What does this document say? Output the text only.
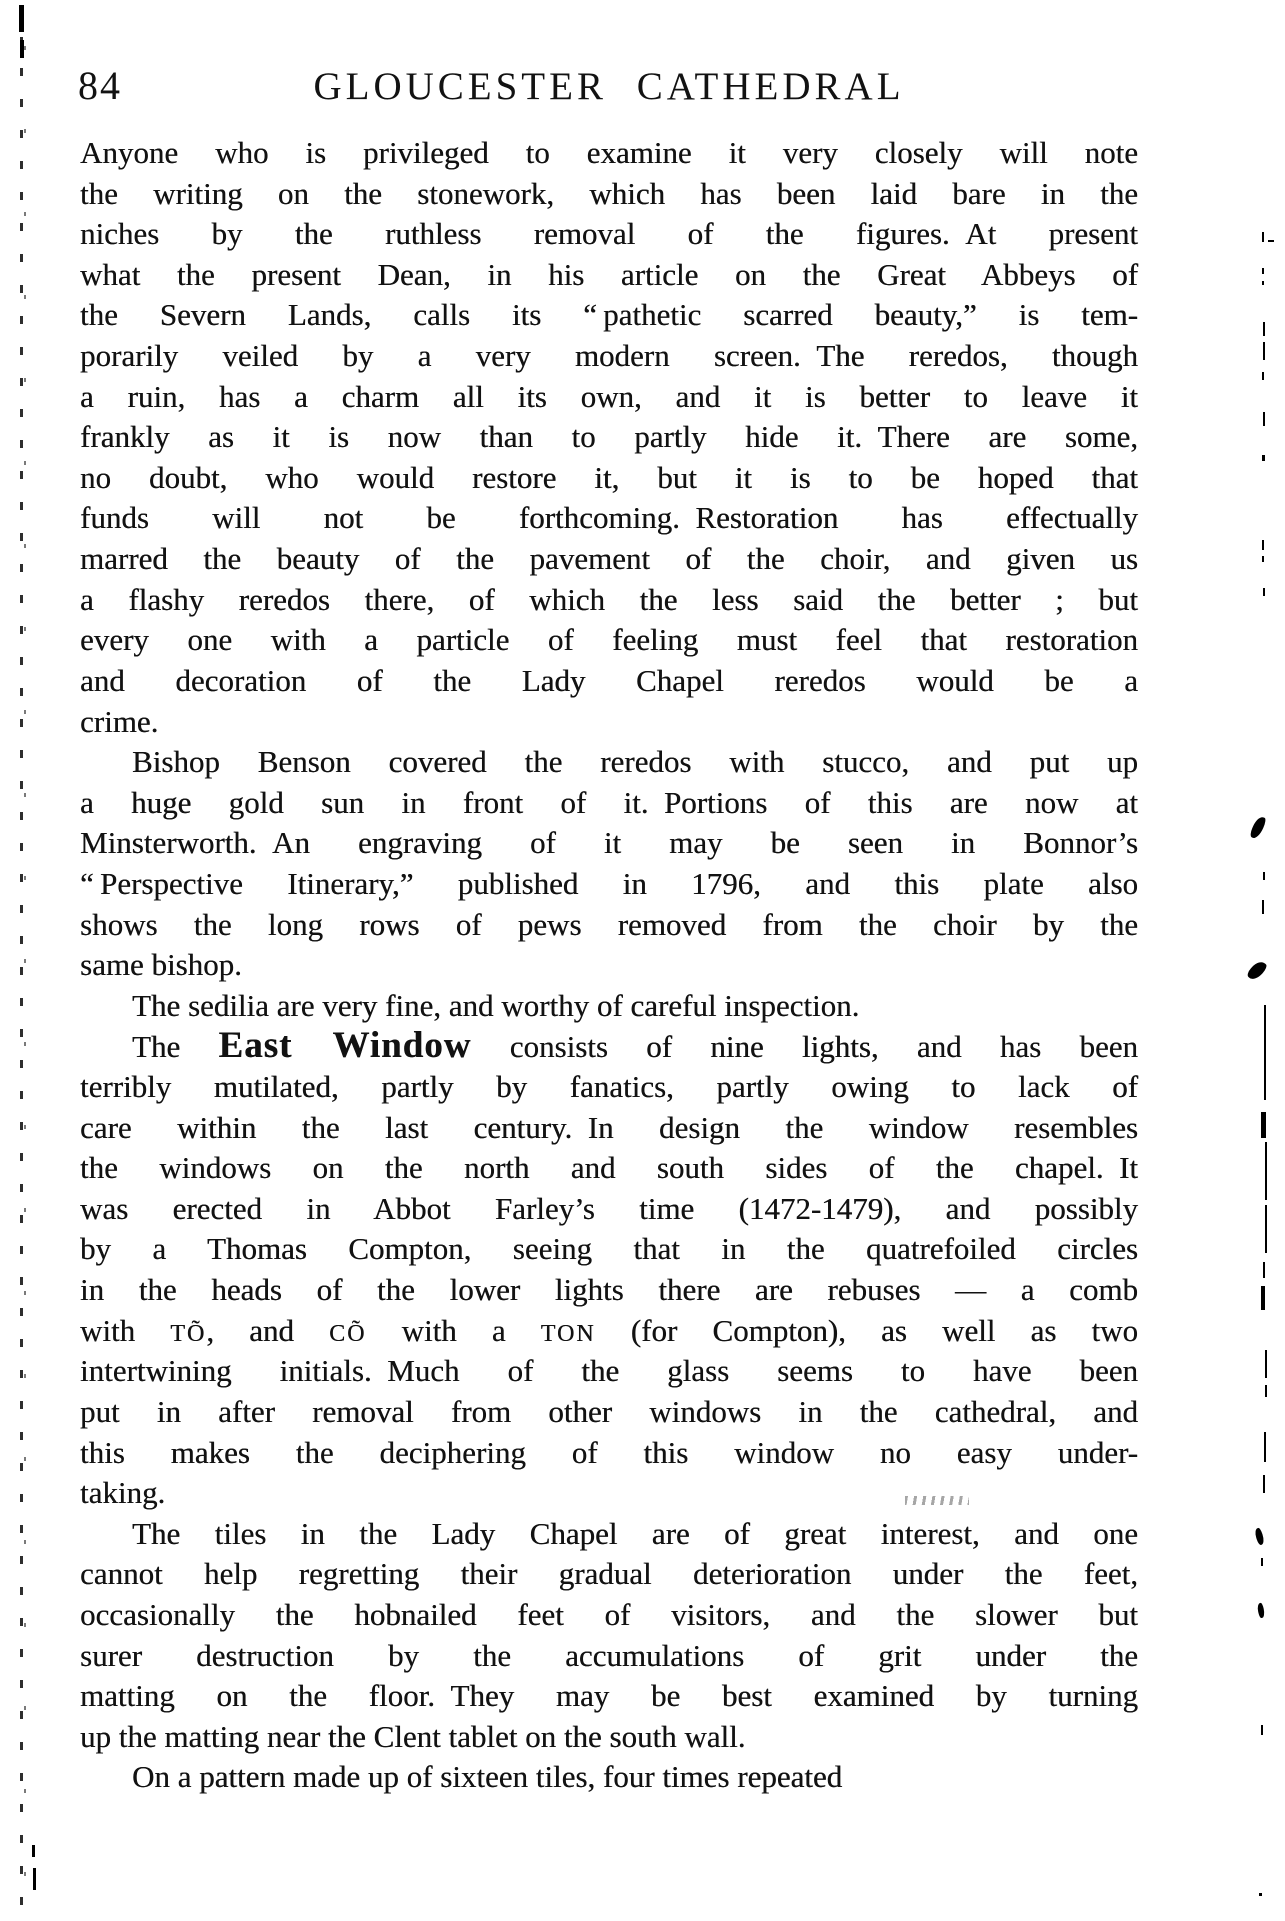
84	GLOUCESTER CATHEDRAL
Anyone who is privileged to examine it very closely will note
the writing on the stonework, which has been laid bare in the
niches by the ruthless removal of the figures. At present
what the present Dean, in his article on the Great Abbeys of
the Severn Lands, calls its “ pathetic scarred beauty,” is tem-
porarily veiled by a very modern screen. The reredos, though
a ruin, has a charm all its own, and it is better to leave it
frankly as it is now than to partly hide it. There are some,
no doubt, who would restore it, but it is to be hoped that
funds will not be forthcoming. Restoration has effectually
marred the beauty of the pavement of the choir, and given us
a flashy reredos there, of which the less said the better ; but
every one with a particle of feeling must feel that restoration
and decoration of the Lady Chapel reredos would be a
crime.
Bishop Benson covered the reredos with stucco, and put up
a huge gold sun in front of it. Portions of this are now at
Minsterworth. An engraving of it may be seen in Bonnor’s
“ Perspective Itinerary,” published in 1796, and this plate also
shows the long rows of pews removed from the choir by the
same bishop.
The sedilia are very fine, and worthy of careful inspection.
The East Window consists of nine lights, and has been
terribly mutilated, partly by fanatics, partly owing to lack of
care within the last century. In design the window resembles
the windows on the north and south sides of the chapel. It
was erected in Abbot Farley’s time (1472-1479), and possibly
by a Thomas Compton, seeing that in the quatrefoiled circles
in the heads of the lower lights there are rebuses — a comb
with TÕ, and CÕ with a TON (for Compton), as well as two
intertwining initials. Much of the glass seems to have been
put in after removal from other windows in the cathedral, and
this makes the deciphering of this window no easy under-
taking.
The tiles in the Lady Chapel are of great interest, and one
cannot help regretting their gradual deterioration under the feet,
occasionally the hobnailed feet of visitors, and the slower but
surer destruction by the accumulations of grit under the
matting on the floor. They may be best examined by turning
up the matting near the Clent tablet on the south wall.
On a pattern made up of sixteen tiles, four times repeated
